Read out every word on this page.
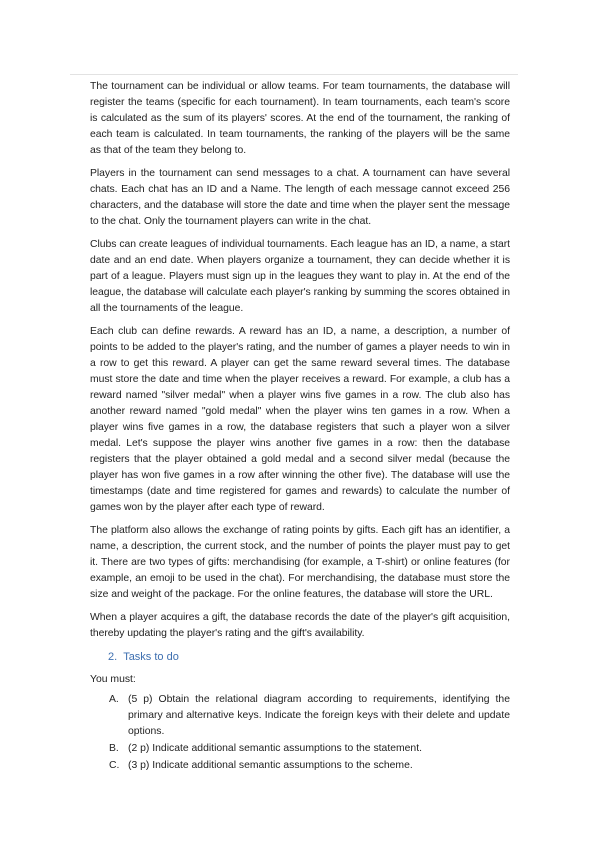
The tournament can be individual or allow teams. For team tournaments, the database will register the teams (specific for each tournament). In team tournaments, each team's score is calculated as the sum of its players' scores. At the end of the tournament, the ranking of each team is calculated. In team tournaments, the ranking of the players will be the same as that of the team they belong to.

Players in the tournament can send messages to a chat. A tournament can have several chats. Each chat has an ID and a Name. The length of each message cannot exceed 256 characters, and the database will store the date and time when the player sent the message to the chat. Only the tournament players can write in the chat.

Clubs can create leagues of individual tournaments. Each league has an ID, a name, a start date and an end date. When players organize a tournament, they can decide whether it is part of a league. Players must sign up in the leagues they want to play in. At the end of the league, the database will calculate each player's ranking by summing the scores obtained in all the tournaments of the league.

Each club can define rewards. A reward has an ID, a name, a description, a number of points to be added to the player's rating, and the number of games a player needs to win in a row to get this reward. A player can get the same reward several times. The database must store the date and time when the player receives a reward. For example, a club has a reward named "silver medal" when a player wins five games in a row. The club also has another reward named "gold medal" when the player wins ten games in a row. When a player wins five games in a row, the database registers that such a player won a silver medal. Let's suppose the player wins another five games in a row: then the database registers that the player obtained a gold medal and a second silver medal (because the player has won five games in a row after winning the other five). The database will use the timestamps (date and time registered for games and rewards) to calculate the number of games won by the player after each type of reward.

The platform also allows the exchange of rating points by gifts. Each gift has an identifier, a name, a description, the current stock, and the number of points the player must pay to get it. There are two types of gifts: merchandising (for example, a T-shirt) or online features (for example, an emoji to be used in the chat). For merchandising, the database must store the size and weight of the package. For the online features, the database will store the URL.

When a player acquires a gift, the database records the date of the player's gift acquisition, thereby updating the player's rating and the gift's availability.

2. Tasks to do

You must:

A. (5 p) Obtain the relational diagram according to requirements, identifying the primary and alternative keys. Indicate the foreign keys with their delete and update options.
B. (2 p) Indicate additional semantic assumptions to the statement.
C. (3 p) Indicate additional semantic assumptions to the scheme.
